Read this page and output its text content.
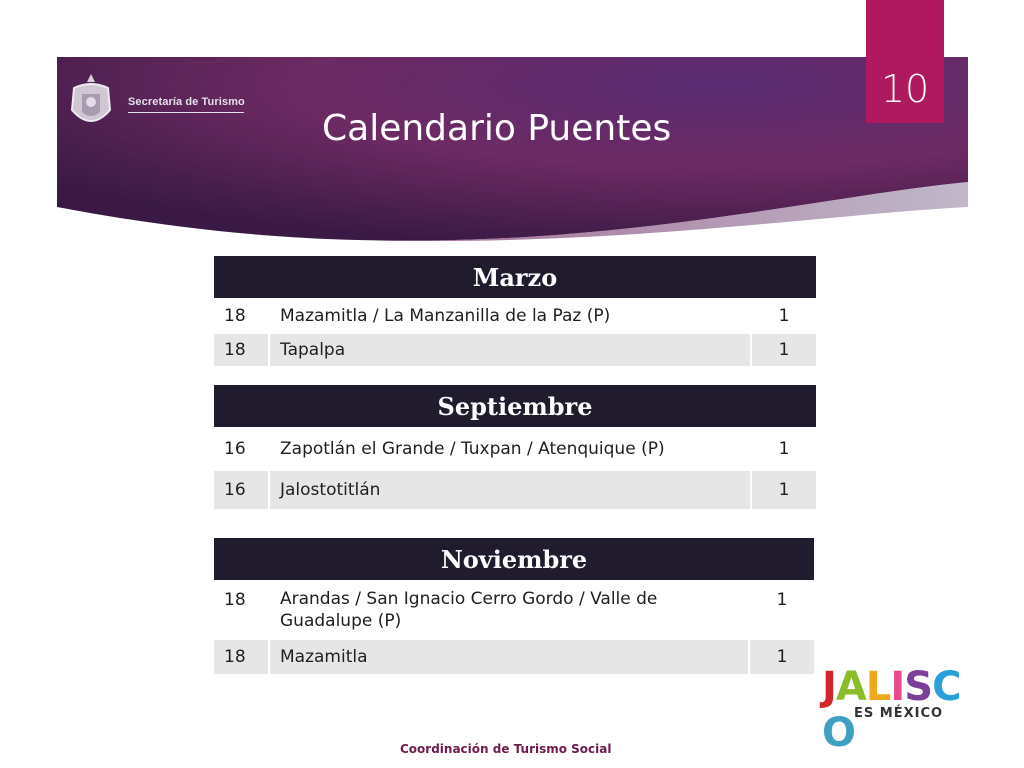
10
Secretaría de Turismo
Calendario Puentes
Marzo		
18	Mazamitla / La Manzanilla de la Paz (P)	1
18	Tapalpa	1
Septiembre		
16	Zapotlán el Grande / Tuxpan / Atenquique (P)	1
16	Jalostotitlán	1
Noviembre		
18	Arandas / San Ignacio Cerro Gordo / Valle de Guadalupe (P)	1
18	Mazamitla	1
JALISCO
ES MÉXICO
Coordinación de Turismo Social
